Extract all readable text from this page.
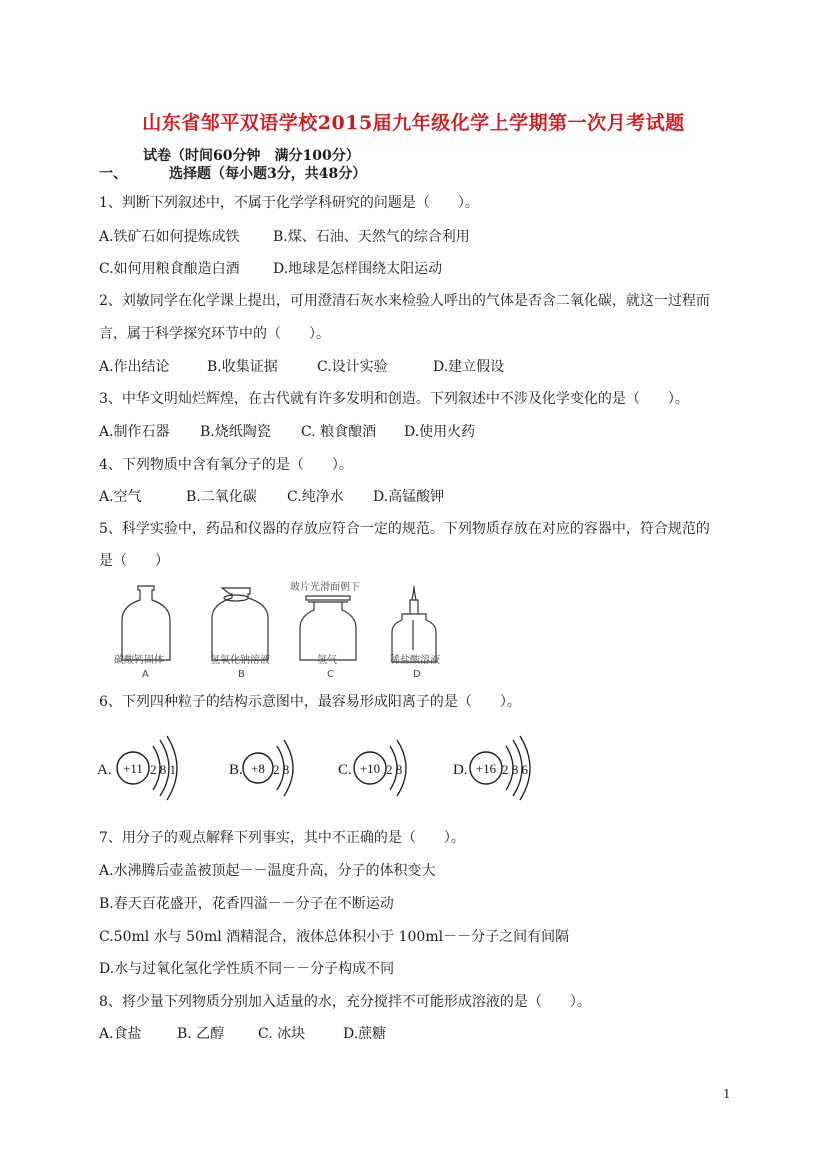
山东省邹平双语学校2015届九年级化学上学期第一次月考试题
试卷（时间60分钟　满分100分）
一、	选择题（每小题3分，共48分）
1、判断下列叙述中，不属于化学学科研究的问题是（　　）。
A.铁矿石如何提炼成铁 B.煤、石油、天然气的综合利用
C.如何用粮食酿造白酒 D.地球是怎样围绕太阳运动
2、刘敏同学在化学课上提出，可用澄清石灰水来检验人呼出的气体是否含二氧化碳，就这一过程而
言，属于科学探究环节中的（　　）。
A.作出结论	B.收集证据	C.设计实验	D.建立假设
3、中华文明灿烂辉煌，在古代就有许多发明和创造。下列叙述中不涉及化学变化的是（　　）。
A.制作石器 B.烧纸陶瓷 C. 粮食酿酒 D.使用火药
4、下列物质中含有氧分子的是（　　）。
A.空气	B.二氧化碳 C.纯净水 D.高锰酸钾
5、科学实验中，药品和仪器的存放应符合一定的规范。下列物质存放在对应的容器中，符合规范的
是（　　）
玻片光滑面朝下
碳酸钙固体	氢氧化钠溶液	氢气	稀盐酸溶液
A	B	C	D
6、下列四种粒子的结构示意图中，最容易形成阳离子的是（　　）。
A. +11 2 8 1	B. +8 2 8	C. +10 2 8	D. +16 2 8 6
7、用分子的观点解释下列事实，其中不正确的是（　　）。
A.水沸腾后壶盖被顶起－－温度升高，分子的体积变大
B.春天百花盛开，花香四溢－－分子在不断运动
C.50ml 水与 50ml 酒精混合，液体总体积小于 100ml－－分子之间有间隔
D.水与过氧化氢化学性质不同－－分子构成不同
8、将少量下列物质分别加入适量的水，充分搅拌不可能形成溶液的是（　　）。
A.食盐	B. 乙醇 C. 冰块	D.蔗糖
1
